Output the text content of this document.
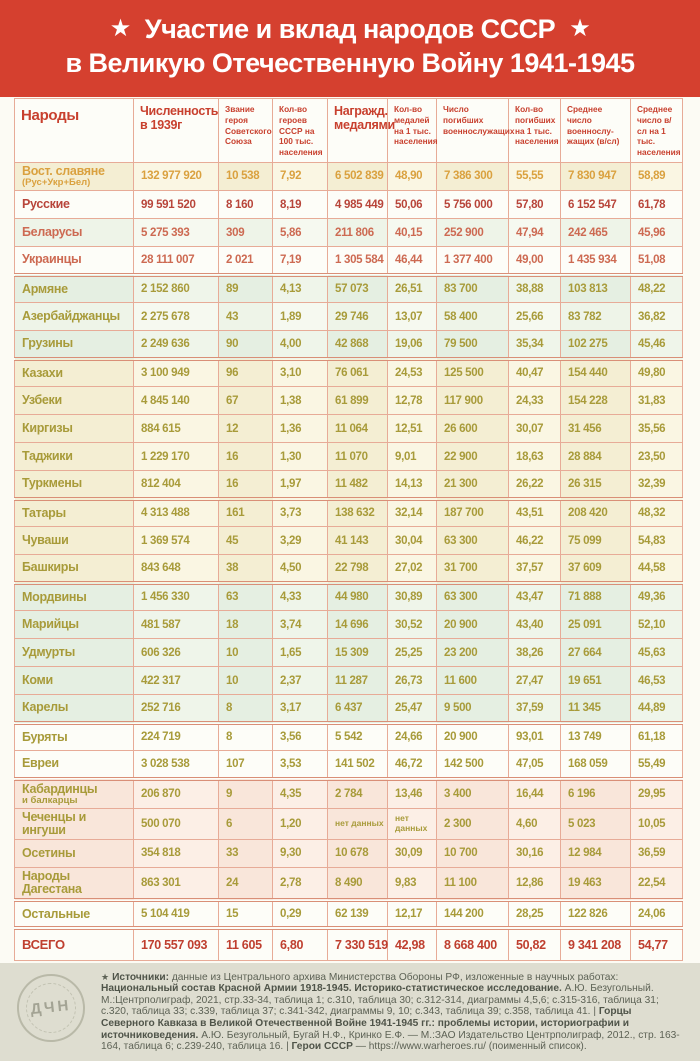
★ Участие и вклад народов СССР ★
в Великую Отечественную Войну 1941-1945
Народы	Численность в 1939г	Звание героя Советского Союза	Кол-во героев СССР на 100 тыс. населения	Награжд. медалями	Кол-во медалей на 1 тыс. населения	Число погибших военнослужащих	Кол-во погибших на 1 тыс. населения	Среднее число военнослу-жащих (в/сл)	Среднее число в/сл на 1 тыс. населения

Вост. славяне
(Рус+Укр+Бел)	132 977 920	10 538	7,92	6 502 839	48,90	7 386 300	55,55	7 830 947	58,89

Русские	99 591 520	8 160	8,19	4 985 449	50,06	5 756 000	57,80	6 152 547	61,78

Беларусы	5 275 393	309	5,86	211 806	40,15	252 900	47,94	242 465	45,96

Украинцы	28 111 007	2 021	7,19	1 305 584	46,44	1 377 400	49,00	1 435 934	51,08

Армяне	2 152 860	89	4,13	57 073	26,51	83 700	38,88	103 813	48,22

Азербайджанцы	2 275 678	43	1,89	29 746	13,07	58 400	25,66	83 782	36,82

Грузины	2 249 636	90	4,00	42 868	19,06	79 500	35,34	102 275	45,46

Казахи	3 100 949	96	3,10	76 061	24,53	125 500	40,47	154 440	49,80

Узбеки	4 845 140	67	1,38	61 899	12,78	117 900	24,33	154 228	31,83

Киргизы	884 615	12	1,36	11 064	12,51	26 600	30,07	31 456	35,56

Таджики	1 229 170	16	1,30	11 070	9,01	22 900	18,63	28 884	23,50

Туркмены	812 404	16	1,97	11 482	14,13	21 300	26,22	26 315	32,39

Татары	4 313 488	161	3,73	138 632	32,14	187 700	43,51	208 420	48,32

Чуваши	1 369 574	45	3,29	41 143	30,04	63 300	46,22	75 099	54,83

Башкиры	843 648	38	4,50	22 798	27,02	31 700	37,57	37 609	44,58

Мордвины	1 456 330	63	4,33	44 980	30,89	63 300	43,47	71 888	49,36

Марийцы	481 587	18	3,74	14 696	30,52	20 900	43,40	25 091	52,10

Удмурты	606 326	10	1,65	15 309	25,25	23 200	38,26	27 664	45,63

Коми	422 317	10	2,37	11 287	26,73	11 600	27,47	19 651	46,53

Карелы	252 716	8	3,17	6 437	25,47	9 500	37,59	11 345	44,89

Буряты	224 719	8	3,56	5 542	24,66	20 900	93,01	13 749	61,18

Евреи	3 028 538	107	3,53	141 502	46,72	142 500	47,05	168 059	55,49

Кабардинцы
и балкарцы	206 870	9	4,35	2 784	13,46	3 400	16,44	6 196	29,95

Чеченцы и ингуши	500 070	6	1,20	нет данных	нет данных	2 300	4,60	5 023	10,05

Осетины	354 818	33	9,30	10 678	30,09	10 700	30,16	12 984	36,59

Народы Дагестана	863 301	24	2,78	8 490	9,83	11 100	12,86	19 463	22,54

Остальные	5 104 419	15	0,29	62 139	12,17	144 200	28,25	122 826	24,06

ВСЕГО	170 557 093	11 605	6,80	7 330 519	42,98	8 668 400	50,82	9 341 208	54,77
ДЧН
★ Источники: данные из Центрального архива Министерства Обороны РФ, изложенные в научных работах: Национальный состав Красной Армии 1918-1945. Историко-статистическое исследование. А.Ю. Безугольный. М.:Центрполиграф, 2021, стр.33-34, таблица 1; с.310, таблица 30; с.312-314, диаграммы 4,5,6; с.315-316, таблица 31; с.320, таблица 33; с.339, таблица 37; с.341-342, диаграммы 9, 10; с.343, таблица 39; с.358, таблица 41. | Горцы Северного Кавказа в Великой Отечественной Войне 1941-1945 гг.: проблемы истории, историографии и источниковедения. А.Ю. Безугольный, Бугай Н.Ф., Кринко Е.Ф. — М.:ЗАО Издательство Центрполиграф, 2012., стр. 163-164, таблица 6; с.239-240, таблица 16. | Герои СССР — https://www.warheroes.ru/ (поименный список).
